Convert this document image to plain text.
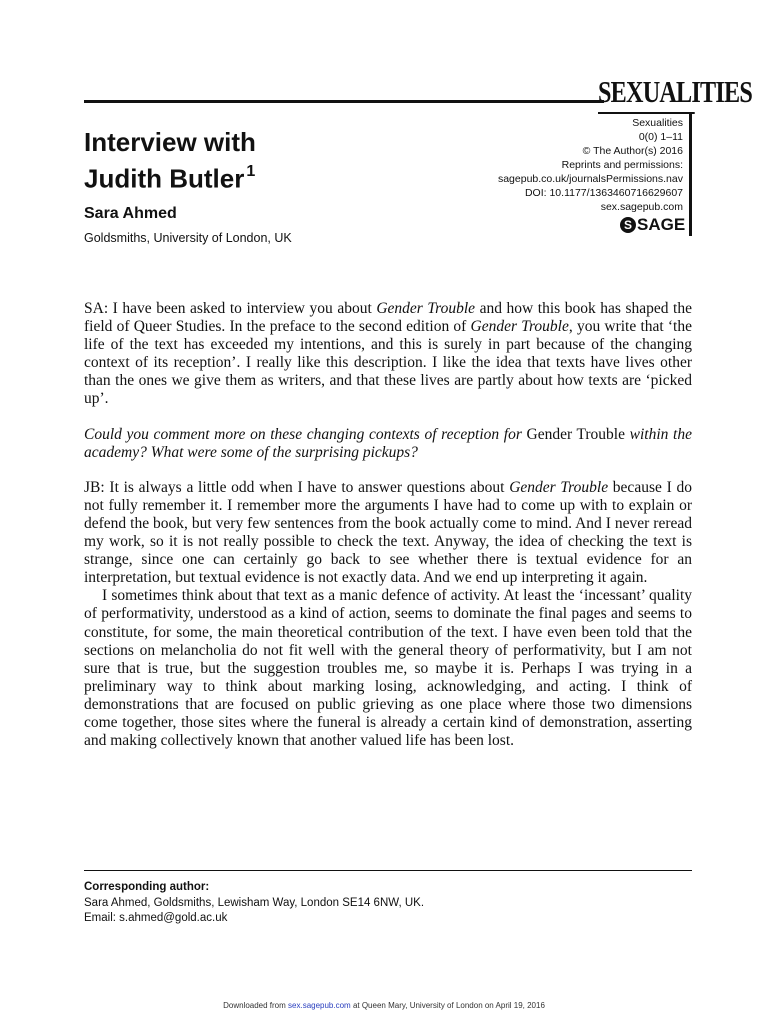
SEXUALITIES
Sexualities
0(0) 1–11
© The Author(s) 2016
Reprints and permissions:
sagepub.co.uk/journalsPermissions.nav
DOI: 10.1177/1363460716629607
sex.sagepub.com
S SAGE
Interview with
Judith Butler $^1$
Sara Ahmed
Goldsmiths, University of London, UK

SA: I have been asked to interview you about Gender Trouble and how this book has shaped the field of Queer Studies. In the preface to the second edition of Gender Trouble, you write that ‘the life of the text has exceeded my intentions, and this is surely in part because of the changing context of its reception’. I really like this description. I like the idea that texts have lives other than the ones we give them as writers, and that these lives are partly about how texts are ‘picked up’.

Could you comment more on these changing contexts of reception for Gender Trouble within the academy? What were some of the surprising pickups?

JB: It is always a little odd when I have to answer questions about Gender Trouble because I do not fully remember it. I remember more the arguments I have had to come up with to explain or defend the book, but very few sentences from the book actually come to mind. And I never reread my work, so it is not really possible to check the text. Anyway, the idea of checking the text is strange, since one can certainly go back to see whether there is textual evidence for an interpretation, but textual evidence is not exactly data. And we end up interpreting it again.

I sometimes think about that text as a manic defence of activity. At least the ‘incessant’ quality of performativity, understood as a kind of action, seems to dominate the final pages and seems to constitute, for some, the main theoretical contribution of the text. I have even been told that the sections on melancholia do not fit well with the general theory of performativity, but I am not sure that is true, but the suggestion troubles me, so maybe it is. Perhaps I was trying in a preliminary way to think about marking losing, acknowledging, and acting. I think of demonstrations that are focused on public grieving as one place where those two dimensions come together, those sites where the funeral is already a certain kind of demonstration, asserting and making collectively known that another valued life has been lost.

Corresponding author:
Sara Ahmed, Goldsmiths, Lewisham Way, London SE14 6NW, UK.
Email: s.ahmed@gold.ac.uk
Downloaded from sex.sagepub.com at Queen Mary, University of London on April 19, 2016
